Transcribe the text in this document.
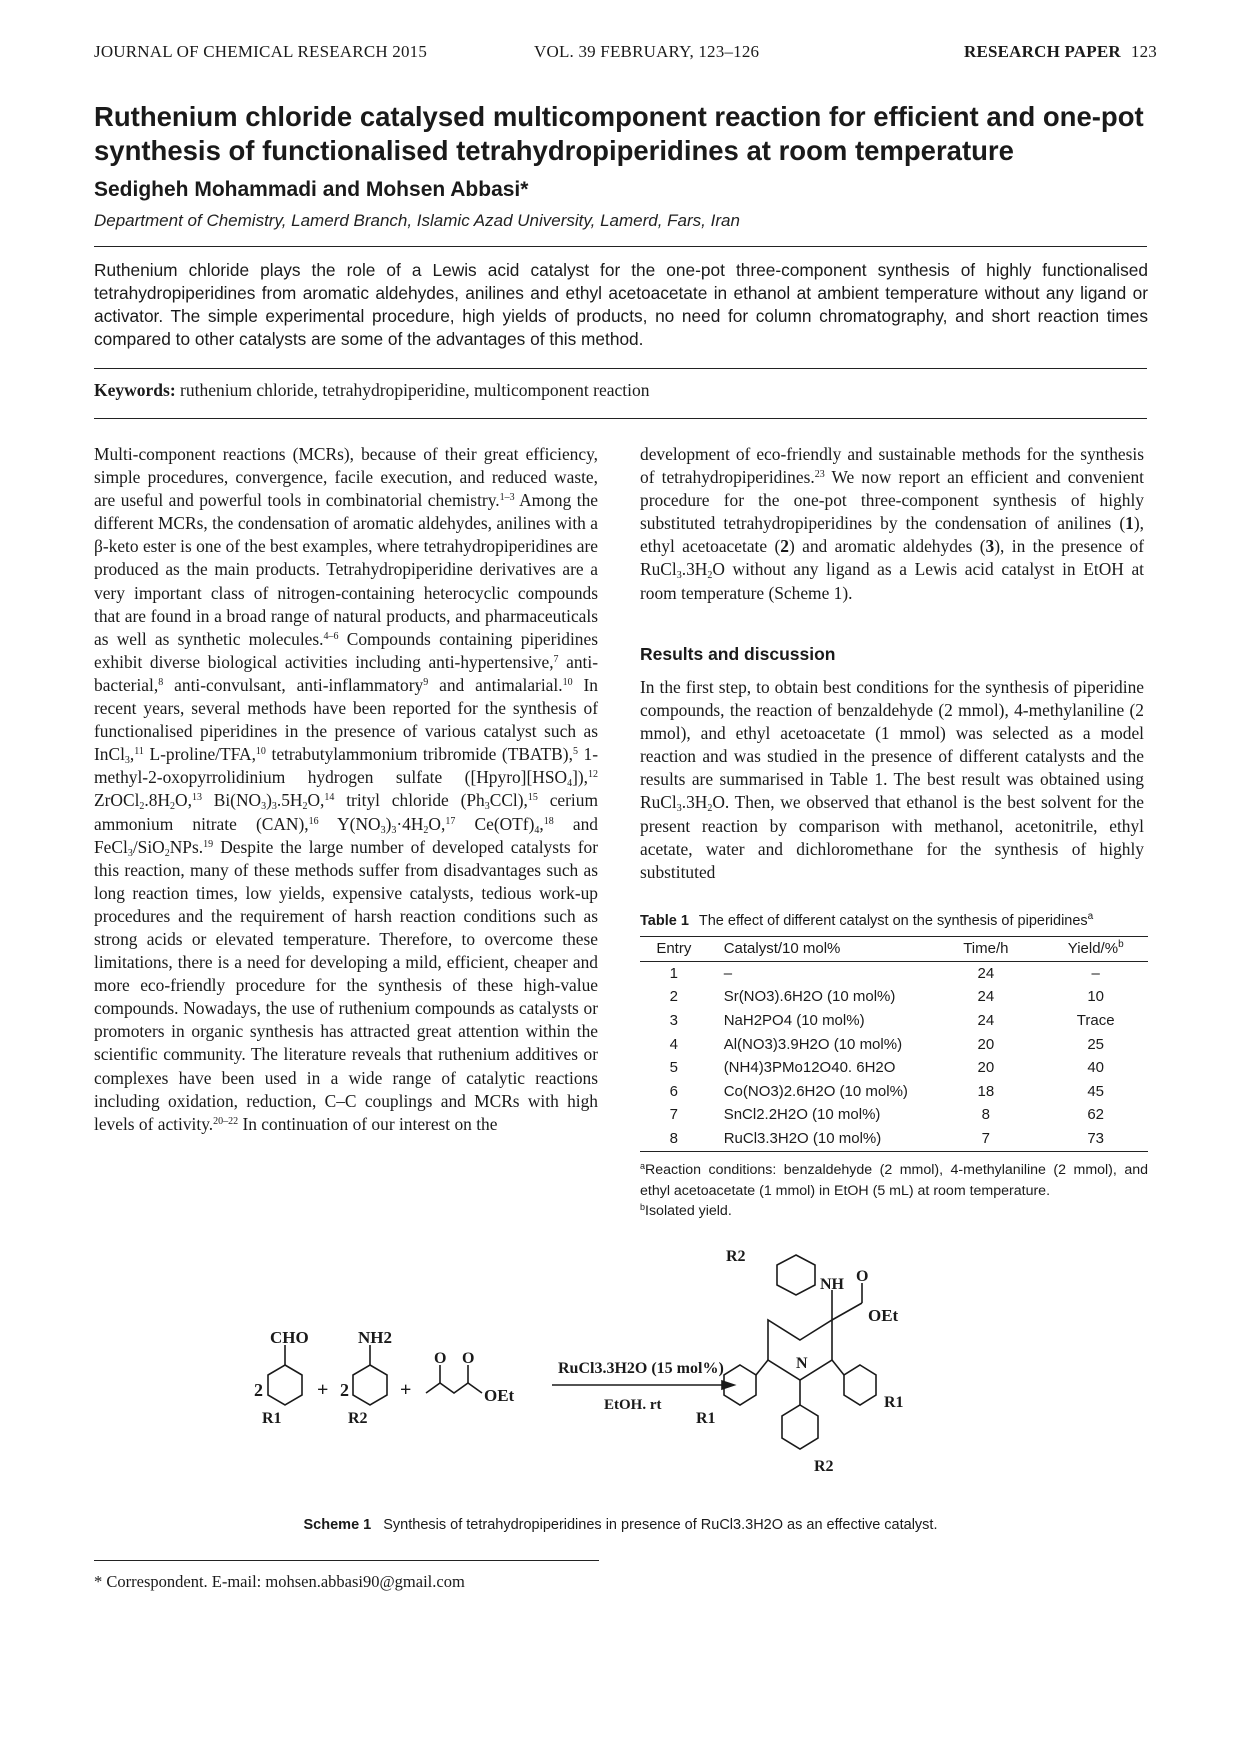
JOURNAL OF CHEMICAL RESEARCH 2015	VOL. 39 FEBRUARY, 123–126	RESEARCH PAPER 123
Ruthenium chloride catalysed multicomponent reaction for efficient and one-pot synthesis of functionalised tetrahydropiperidines at room temperature
Sedigheh Mohammadi and Mohsen Abbasi*
Department of Chemistry, Lamerd Branch, Islamic Azad University, Lamerd, Fars, Iran
Ruthenium chloride plays the role of a Lewis acid catalyst for the one-pot three-component synthesis of highly functionalised tetrahydropiperidines from aromatic aldehydes, anilines and ethyl acetoacetate in ethanol at ambient temperature without any ligand or activator. The simple experimental procedure, high yields of products, no need for column chromatography, and short reaction times compared to other catalysts are some of the advantages of this method.
Keywords: ruthenium chloride, tetrahydropiperidine, multicomponent reaction

Multi-component reactions (MCRs), because of their great efficiency, simple procedures, convergence, facile execution, and reduced waste, are useful and powerful tools in combinatorial chemistry.$^{1-3}$ Among the different MCRs, the condensation of aromatic aldehydes, anilines with a β-keto ester is one of the best examples, where tetrahydropiperidines are produced as the main products. Tetrahydropiperidine derivatives are a very important class of nitrogen-containing heterocyclic compounds that are found in a broad range of natural products, and pharmaceuticals as well as synthetic molecules.$^{4-6}$ Compounds containing piperidines exhibit diverse biological activities including anti-hypertensive,$^7$ anti-bacterial,$^8$ anti-convulsant, anti-inflammatory$^9$ and antimalarial.$^{10}$ In recent years, several methods have been reported for the synthesis of functionalised piperidines in the presence of various catalyst such as InCl$_3$,$^{11}$ L-proline/TFA,$^{10}$ tetrabutylammonium tribromide (TBATB),$^5$ 1-methyl-2-oxopyrrolidinium hydrogen sulfate $([Hpyro][HSO_4]),^{12}$ $ZrOCl_2.8H_2O,^{13}$ $Bi(NO_3)_3.5H_2O,^{14}$ trityl chloride $(Ph_3CCl),^{15}$ cerium ammonium nitrate (CAN),$^{16}$ $Y(NO_3)_3\cdot 4H_2O,^{17}$ $Ce(OTf)_4,^{18}$ and FeCl$_3$/SiO$_2$NPs.$^{19}$ Despite the large number of developed catalysts for this reaction, many of these methods suffer from disadvantages such as long reaction times, low yields, expensive catalysts, tedious work-up procedures and the requirement of harsh reaction conditions such as strong acids or elevated temperature. Therefore, to overcome these limitations, there is a need for developing a mild, efficient, cheaper and more eco-friendly procedure for the synthesis of these high-value compounds. Nowadays, the use of ruthenium compounds as catalysts or promoters in organic synthesis has attracted great attention within the scientific community. The literature reveals that ruthenium additives or complexes have been used in a wide range of catalytic reactions including oxidation, reduction, C–C couplings and MCRs with high levels of activity.$^{20-22}$ In continuation of our interest on the

development of eco-friendly and sustainable methods for the synthesis of tetrahydropiperidines.$^{23}$ We now report an efficient and convenient procedure for the one-pot three-component synthesis of highly substituted tetrahydropiperidines by the condensation of anilines (1), ethyl acetoacetate (2) and aromatic aldehydes (3), in the presence of $RuCl_3.3H_2O$ without any ligand as a Lewis acid catalyst in EtOH at room temperature (Scheme 1).

Results and discussion

In the first step, to obtain best conditions for the synthesis of piperidine compounds, the reaction of benzaldehyde (2 mmol), 4-methylaniline (2 mmol), and ethyl acetoacetate (1 mmol) was selected as a model reaction and was studied in the presence of different catalysts and the results are summarised in Table 1. The best result was obtained using $RuCl_3.3H_2O$. Then, we observed that ethanol is the best solvent for the present reaction by comparison with methanol, acetonitrile, ethyl acetate, water and dichloromethane for the synthesis of highly substituted

Table 1 The effect of different catalyst on the synthesis of piperidines$^a$
Entry	Catalyst/10 mol%	Time/h	Yield/%$^b$
1	–	24	–
2	Sr(NO3).6H2O (10 mol%)	24	10
3	NaH2PO4 (10 mol%)	24	Trace
4	Al(NO3)3.9H2O (10 mol%)	20	25
5	(NH4)3PMo12O40. 6H2O	20	40
6	Co(NO3)2.6H2O (10 mol%)	18	45
7	SnCl2.2H2O (10 mol%)	8	62
8	RuCl3.3H2O (10 mol%)	7	73
$^a$Reaction conditions: benzaldehyde (2 mmol), 4-methylaniline (2 mmol), and ethyl acetoacetate (1 mmol) in EtOH (5 mL) at room temperature.
$^b$Isolated yield.
2
CHO
R1
+ 2
NH2
R2
+
O O
OEt
RuCl3.3H2O (15 mol%)
EtOH. rt
N
NH
R2
O
OEt
R1
R1
R2
Scheme 1 Synthesis of tetrahydropiperidines in presence of RuCl3.3H2O as an effective catalyst.
* Correspondent. E-mail: mohsen.abbasi90@gmail.com
